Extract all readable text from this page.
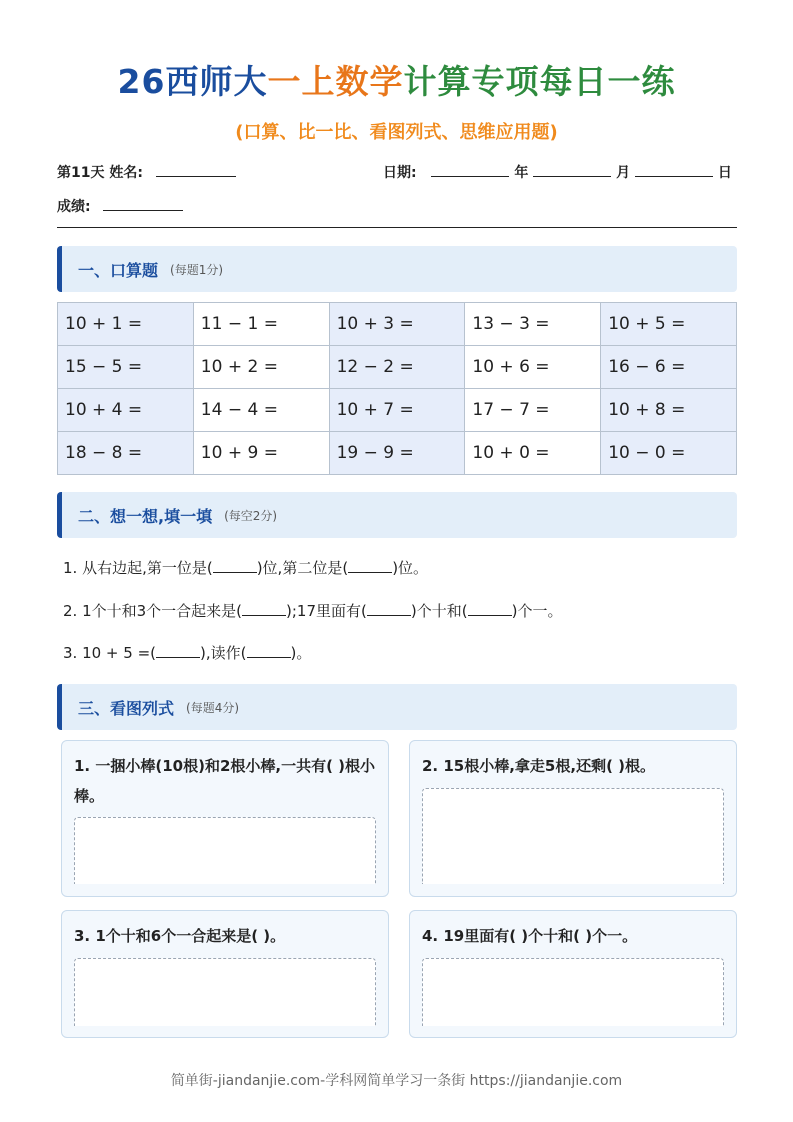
26西师大一上数学计算专项每日一练
(口算、比一比、看图列式、思维应用题)
第11天 姓名:	日期:	年	月	日
成绩:
一、口算题 (每题1分)
10 + 1 =	11 − 1 =	10 + 3 =	13 − 3 =	10 + 5 =
15 − 5 =	10 + 2 =	12 − 2 =	10 + 6 =	16 − 6 =
10 + 4 =	14 − 4 =	10 + 7 =	17 − 7 =	10 + 8 =
18 − 8 =	10 + 9 =	19 − 9 =	10 + 0 =	10 − 0 =
二、想一想,填一填 (每空2分)
1. 从右边起,第一位是(	)位,第二位是(	)位。
2. 1个十和3个一合起来是(	);17里面有(	)个十和(	)个一。
3. 10 + 5 =(	),读作(	)。
三、看图列式 (每题4分)
1. 一捆小棒(10根)和2根小棒,一共有( )根小棒。
2. 15根小棒,拿走5根,还剩( )根。
3. 1个十和6个一合起来是( )。	4. 19里面有( )个十和( )个一。
简单街-jiandanjie.com-学科网简单学习一条街 https://jiandanjie.com
